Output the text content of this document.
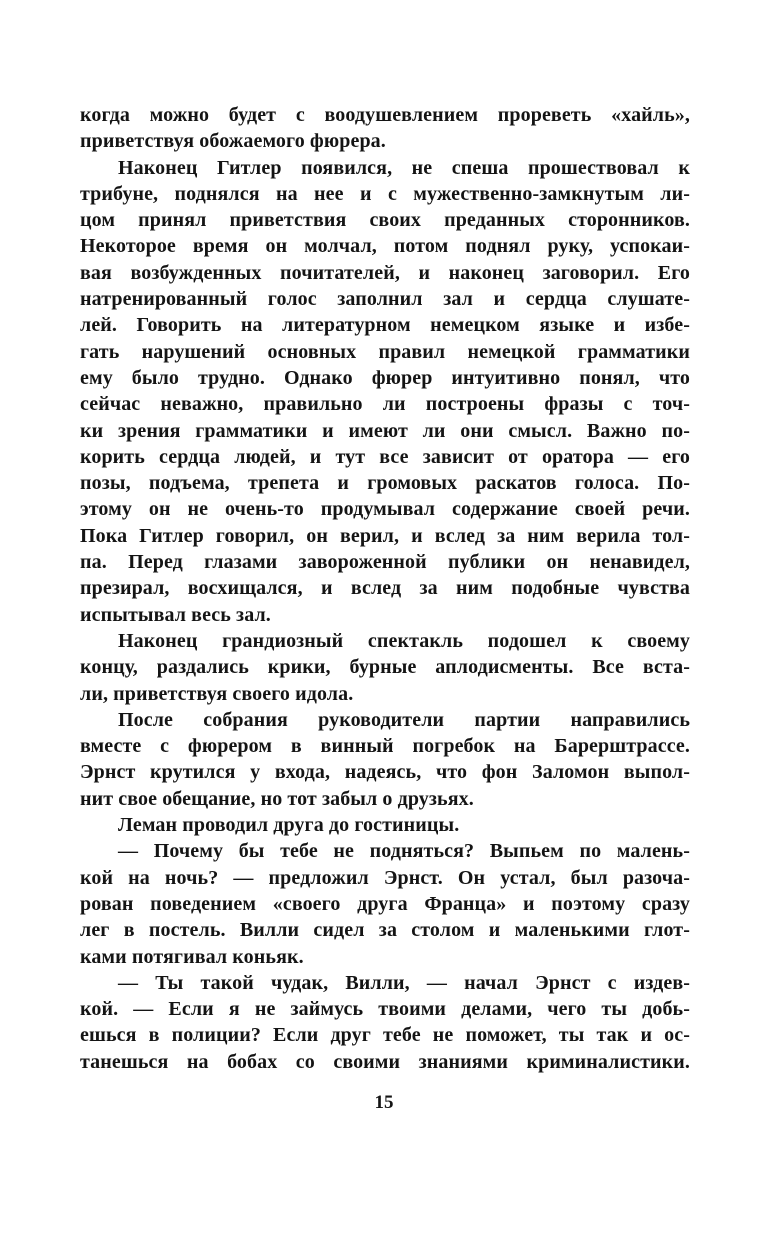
когда можно будет с воодушевлением прореветь «хайль»,
приветствуя обожаемого фюрера.
Наконец Гитлер появился, не спеша прошествовал к
трибуне, поднялся на нее и с мужественно-замкнутым ли-
цом принял приветствия своих преданных сторонников.
Некоторое время он молчал, потом поднял руку, успокаи-
вая возбужденных почитателей, и наконец заговорил. Его
натренированный голос заполнил зал и сердца слушате-
лей. Говорить на литературном немецком языке и избе-
гать нарушений основных правил немецкой грамматики
ему было трудно. Однако фюрер интуитивно понял, что
сейчас неважно, правильно ли построены фразы с точ-
ки зрения грамматики и имеют ли они смысл. Важно по-
корить сердца людей, и тут все зависит от оратора — его
позы, подъема, трепета и громовых раскатов голоса. По-
этому он не очень-то продумывал содержание своей речи.
Пока Гитлер говорил, он верил, и вслед за ним верила тол-
па. Перед глазами завороженной публики он ненавидел,
презирал, восхищался, и вслед за ним подобные чувства
испытывал весь зал.
Наконец грандиозный спектакль подошел к своему
концу, раздались крики, бурные аплодисменты. Все вста-
ли, приветствуя своего идола.
После собрания руководители партии направились
вместе с фюрером в винный погребок на Барерштрассе.
Эрнст крутился у входа, надеясь, что фон Заломон выпол-
нит свое обещание, но тот забыл о друзьях.
Леман проводил друга до гостиницы.
— Почему бы тебе не подняться? Выпьем по малень-
кой на ночь? — предложил Эрнст. Он устал, был разоча-
рован поведением «своего друга Франца» и поэтому сразу
лег в постель. Вилли сидел за столом и маленькими глот-
ками потягивал коньяк.
— Ты такой чудак, Вилли, — начал Эрнст с издев-
кой. — Если я не займусь твоими делами, чего ты добь-
ешься в полиции? Если друг тебе не поможет, ты так и ос-
танешься на бобах со своими знаниями криминалистики.
15
